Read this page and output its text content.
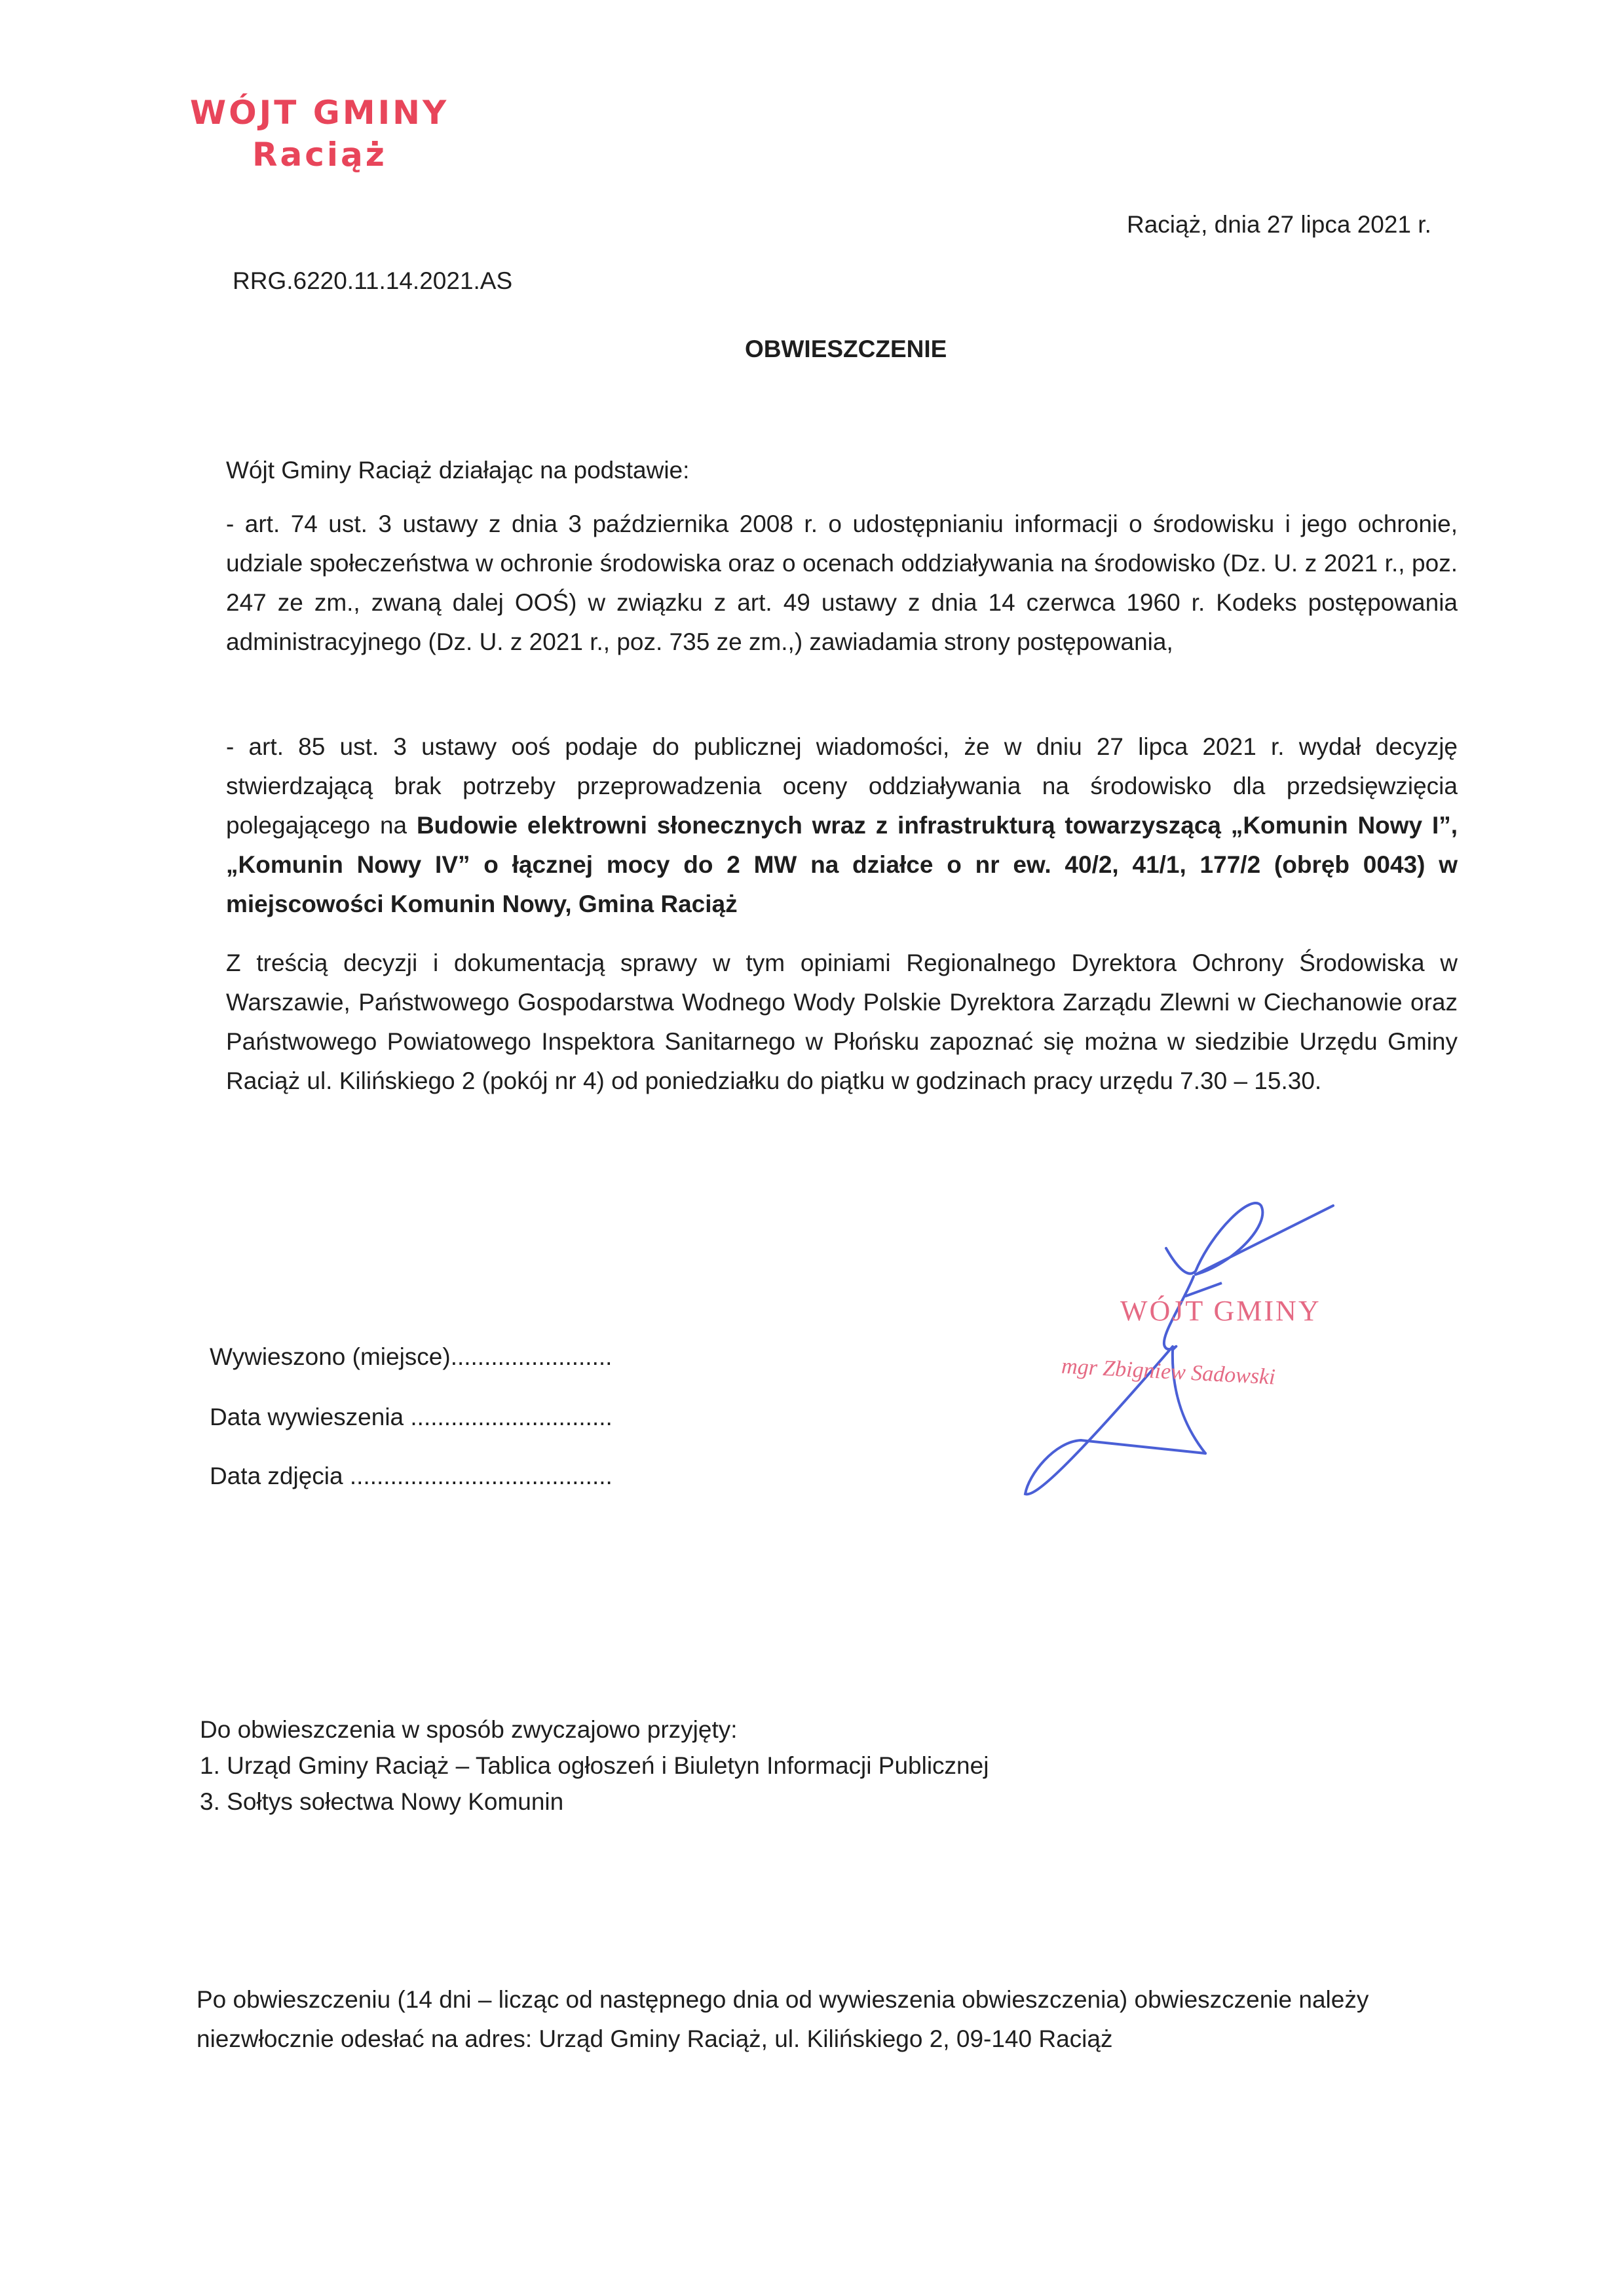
WÓJT GMINY
Raciąż
Raciąż, dnia 27 lipca 2021 r.
RRG.6220.11.14.2021.AS
OBWIESZCZENIE
Wójt Gminy Raciąż działając na podstawie:
- art. 74 ust. 3 ustawy z dnia 3 października 2008 r. o udostępnianiu informacji o środowisku i jego ochronie, udziale społeczeństwa w ochronie środowiska oraz o ocenach oddziaływania na środowisko (Dz. U. z 2021 r., poz. 247 ze zm., zwaną dalej OOŚ) w związku z art. 49 ustawy z dnia 14 czerwca 1960 r. Kodeks postępowania administracyjnego (Dz. U. z 2021 r., poz. 735 ze zm.,) zawiadamia strony postępowania,
- art. 85 ust. 3 ustawy ooś podaje do publicznej wiadomości, że w dniu 27 lipca 2021 r. wydał decyzję stwierdzającą brak potrzeby przeprowadzenia oceny oddziaływania na środowisko dla przedsięwzięcia polegającego na Budowie elektrowni słonecznych wraz z infrastrukturą towarzyszącą „Komunin Nowy I”, „Komunin Nowy IV” o łącznej mocy do 2 MW na działce o nr ew. 40/2, 41/1, 177/2 (obręb 0043) w miejscowości Komunin Nowy, Gmina Raciąż
Z treścią decyzji i dokumentacją sprawy w tym opiniami Regionalnego Dyrektora Ochrony Środowiska w Warszawie, Państwowego Gospodarstwa Wodnego Wody Polskie Dyrektora Zarządu Zlewni w Ciechanowie oraz Państwowego Powiatowego Inspektora Sanitarnego w Płońsku zapoznać się można w siedzibie Urzędu Gminy Raciąż ul. Kilińskiego 2 (pokój nr 4) od poniedziałku do piątku w godzinach pracy urzędu 7.30 – 15.30.
WÓJT GMINY
mgr Zbigniew Sadowski
Wywieszono (miejsce)........................
Data wywieszenia ..............................
Data zdjęcia .......................................
Do obwieszczenia w sposób zwyczajowo przyjęty:
1. Urząd Gminy Raciąż – Tablica ogłoszeń i Biuletyn Informacji Publicznej
3. Sołtys sołectwa Nowy Komunin
Po obwieszczeniu (14 dni – licząc od następnego dnia od wywieszenia obwieszczenia) obwieszczenie należy niezwłocznie odesłać na adres: Urząd Gminy Raciąż, ul. Kilińskiego 2, 09-140 Raciąż
